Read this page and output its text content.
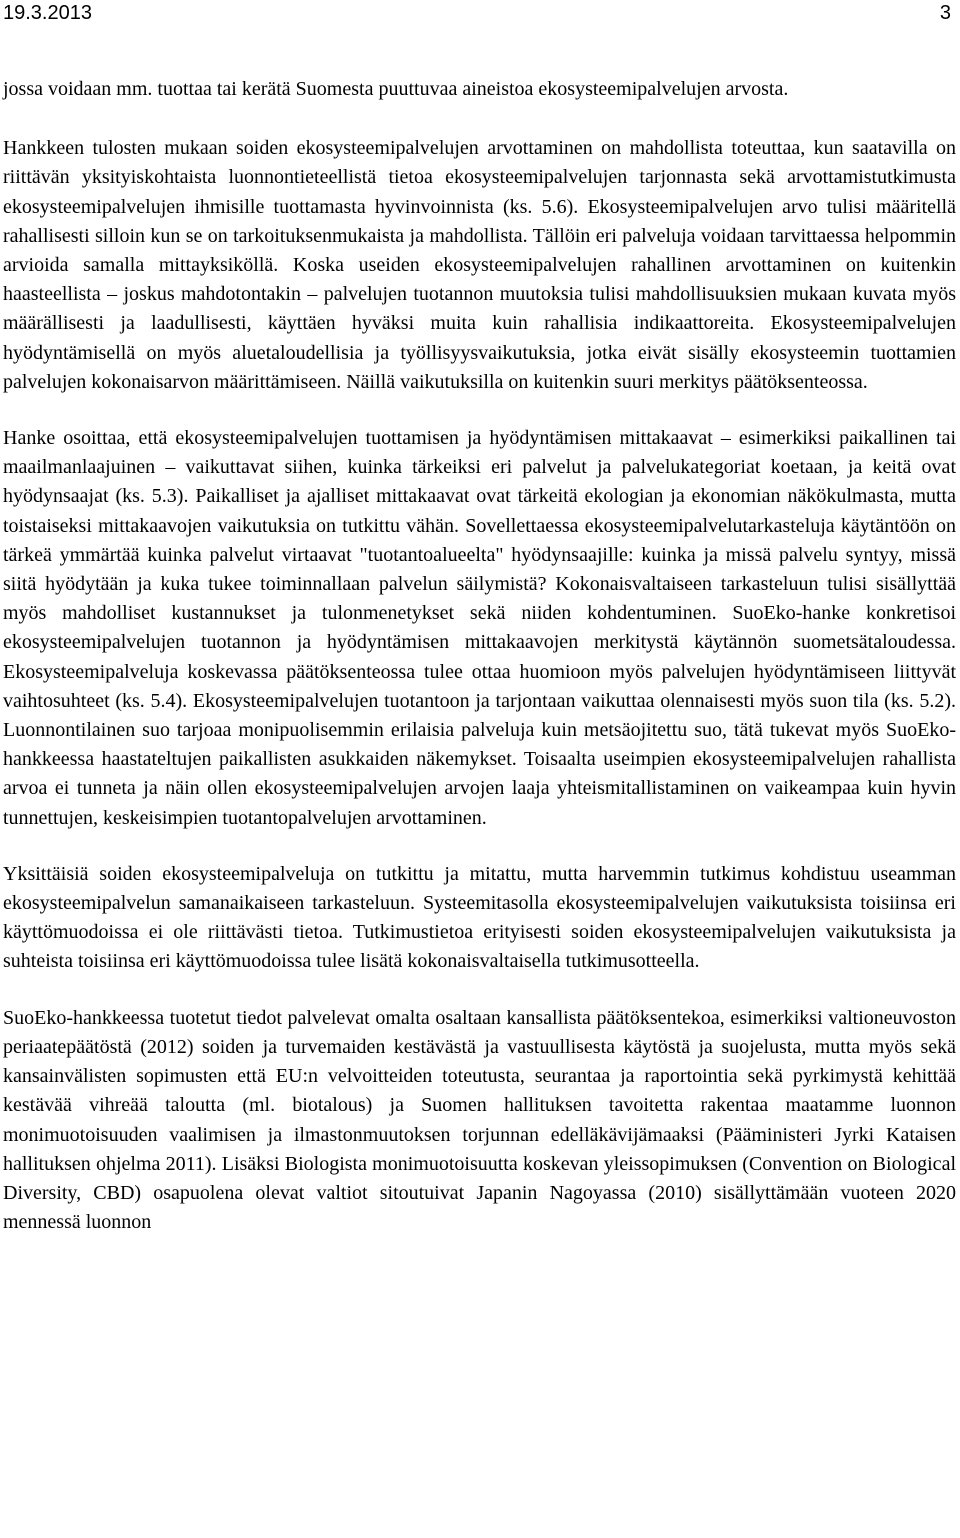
19.3.2013	3

jossa voidaan mm. tuottaa tai kerätä Suomesta puuttuvaa aineistoa ekosysteemipalvelujen arvosta.

Hankkeen tulosten mukaan soiden ekosysteemipalvelujen arvottaminen on mahdollista toteuttaa, kun saatavilla on riittävän yksityiskohtaista luonnontieteellistä tietoa ekosysteemipalvelujen tarjonnasta sekä arvottamistutkimusta ekosysteemipalvelujen ihmisille tuottamasta hyvinvoinnista (ks. 5.6). Ekosysteemipalvelujen arvo tulisi määritellä rahallisesti silloin kun se on tarkoituksenmukaista ja mahdollista. Tällöin eri palveluja voidaan tarvittaessa helpommin arvioida samalla mittayksiköllä. Koska useiden ekosysteemipalvelujen rahallinen arvottaminen on kuitenkin haasteellista – joskus mahdotontakin – palvelujen tuotannon muutoksia tulisi mahdollisuuksien mukaan kuvata myös määrällisesti ja laadullisesti, käyttäen hyväksi muita kuin rahallisia indikaattoreita. Ekosysteemipalvelujen hyödyntämisellä on myös aluetaloudellisia ja työllisyysvaikutuksia, jotka eivät sisälly ekosysteemin tuottamien palvelujen kokonaisarvon määrittämiseen. Näillä vaikutuksilla on kuitenkin suuri merkitys päätöksenteossa.

Hanke osoittaa, että ekosysteemipalvelujen tuottamisen ja hyödyntämisen mittakaavat – esimerkiksi paikallinen tai maailmanlaajuinen – vaikuttavat siihen, kuinka tärkeiksi eri palvelut ja palvelukategoriat koetaan, ja keitä ovat hyödynsaajat (ks. 5.3). Paikalliset ja ajalliset mittakaavat ovat tärkeitä ekologian ja ekonomian näkökulmasta, mutta toistaiseksi mittakaavojen vaikutuksia on tutkittu vähän. Sovellettaessa ekosysteemipalvelutarkasteluja käytäntöön on tärkeä ymmärtää kuinka palvelut virtaavat "tuotantoalueelta" hyödynsaajille: kuinka ja missä palvelu syntyy, missä siitä hyödytään ja kuka tukee toiminnallaan palvelun säilymistä? Kokonaisvaltaiseen tarkasteluun tulisi sisällyttää myös mahdolliset kustannukset ja tulonmenetykset sekä niiden kohdentuminen. SuoEko-hanke konkretisoi ekosysteemipalvelujen tuotannon ja hyödyntämisen mittakaavojen merkitystä käytännön suometsätaloudessa. Ekosysteemipalveluja koskevassa päätöksenteossa tulee ottaa huomioon myös palvelujen hyödyntämiseen liittyvät vaihtosuhteet (ks. 5.4). Ekosysteemipalvelujen tuotantoon ja tarjontaan vaikuttaa olennaisesti myös suon tila (ks. 5.2). Luonnontilainen suo tarjoaa monipuolisemmin erilaisia palveluja kuin metsäojitettu suo, tätä tukevat myös SuoEko-hankkeessa haastateltujen paikallisten asukkaiden näkemykset. Toisaalta useimpien ekosysteemipalvelujen rahallista arvoa ei tunneta ja näin ollen ekosysteemipalvelujen arvojen laaja yhteismitallistaminen on vaikeampaa kuin hyvin tunnettujen, keskeisimpien tuotantopalvelujen arvottaminen.

Yksittäisiä soiden ekosysteemipalveluja on tutkittu ja mitattu, mutta harvemmin tutkimus kohdistuu useamman ekosysteemipalvelun samanaikaiseen tarkasteluun. Systeemitasolla ekosysteemipalvelujen vaikutuksista toisiinsa eri käyttömuodoissa ei ole riittävästi tietoa. Tutkimustietoa erityisesti soiden ekosysteemipalvelujen vaikutuksista ja suhteista toisiinsa eri käyttömuodoissa tulee lisätä kokonaisvaltaisella tutkimusotteella.

SuoEko-hankkeessa tuotetut tiedot palvelevat omalta osaltaan kansallista päätöksentekoa, esimerkiksi valtioneuvoston periaatepäätöstä (2012) soiden ja turvemaiden kestävästä ja vastuullisesta käytöstä ja suojelusta, mutta myös sekä kansainvälisten sopimusten että EU:n velvoitteiden toteutusta, seurantaa ja raportointia sekä pyrkimystä kehittää kestävää vihreää taloutta (ml. biotalous) ja Suomen hallituksen tavoitetta rakentaa maatamme luonnon monimuotoisuuden vaalimisen ja ilmastonmuutoksen torjunnan edelläkävijämaaksi (Pääministeri Jyrki Kataisen hallituksen ohjelma 2011). Lisäksi Biologista monimuotoisuutta koskevan yleissopimuksen (Convention on Biological Diversity, CBD) osapuolena olevat valtiot sitoutuivat Japanin Nagoyassa (2010) sisällyttämään vuoteen 2020 mennessä luonnon
